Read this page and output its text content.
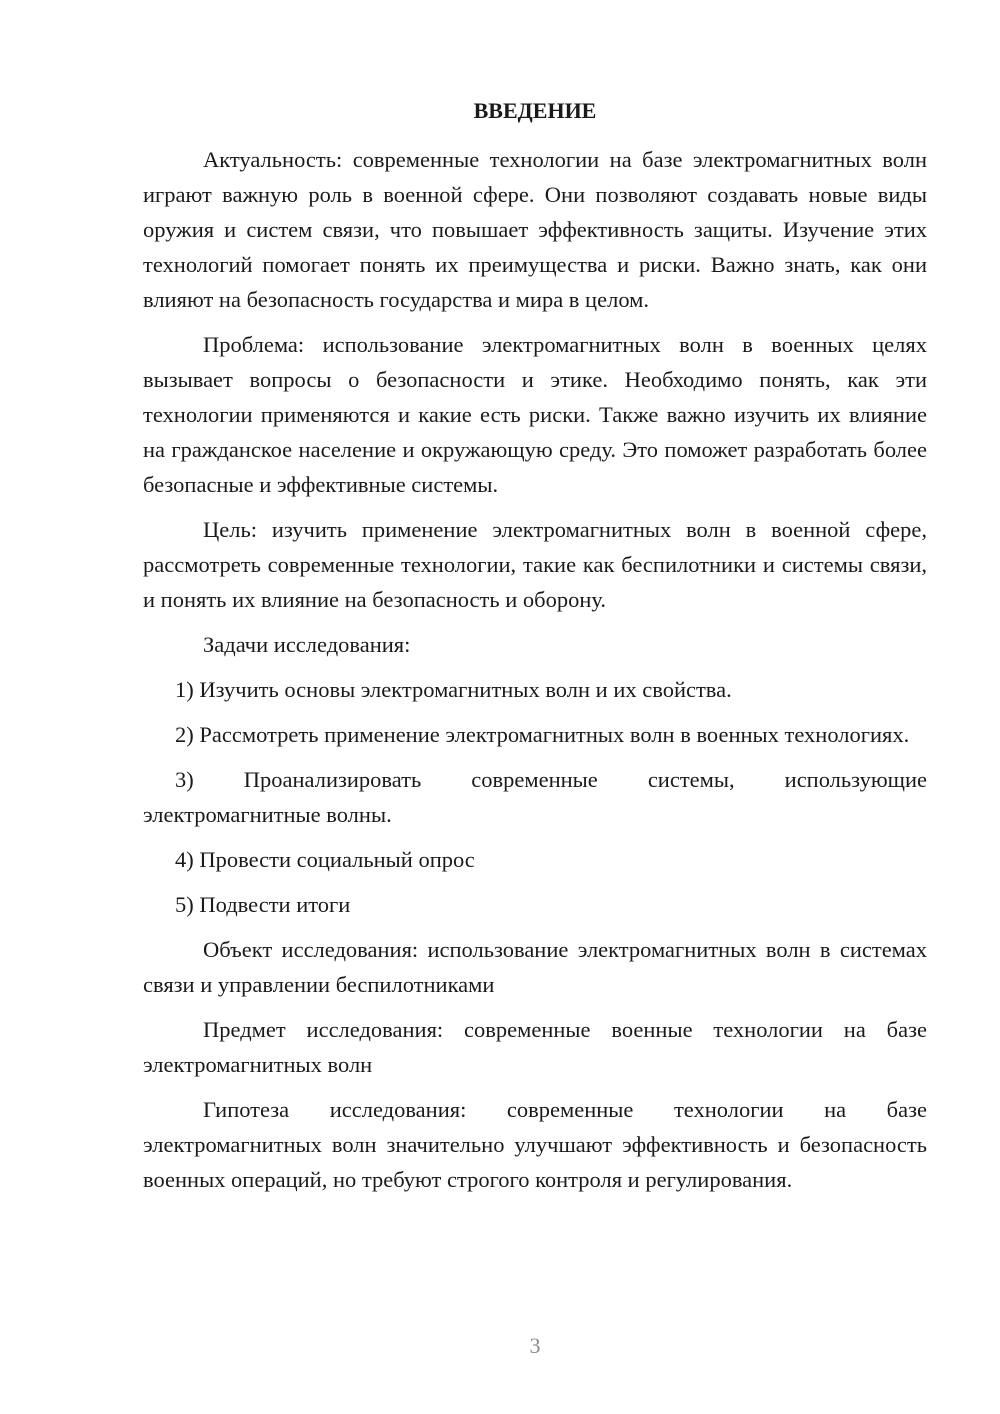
ВВЕДЕНИЕ

Актуальность: современные технологии на базе электромагнитных волн играют важную роль в военной сфере. Они позволяют создавать новые виды оружия и систем связи, что повышает эффективность защиты. Изучение этих технологий помогает понять их преимущества и риски. Важно знать, как они влияют на безопасность государства и мира в целом.

Проблема: использование электромагнитных волн в военных целях вызывает вопросы о безопасности и этике. Необходимо понять, как эти технологии применяются и какие есть риски. Также важно изучить их влияние на гражданское население и окружающую среду. Это поможет разработать более безопасные и эффективные системы.

Цель: изучить применение электромагнитных волн в военной сфере, рассмотреть современные технологии, такие как беспилотники и системы связи, и понять их влияние на безопасность и оборону.

Задачи исследования:

1) Изучить основы электромагнитных волн и их свойства.

2) Рассмотреть применение электромагнитных волн в военных технологиях.

3) Проанализировать современные системы, использующие электромагнитные волны.

4) Провести социальный опрос

5) Подвести итоги

Объект исследования: использование электромагнитных волн в системах связи и управлении беспилотниками

Предмет исследования: современные военные технологии на базе электромагнитных волн

Гипотеза исследования: современные технологии на базе электромагнитных волн значительно улучшают эффективность и безопасность военных операций, но требуют строгого контроля и регулирования.

3
